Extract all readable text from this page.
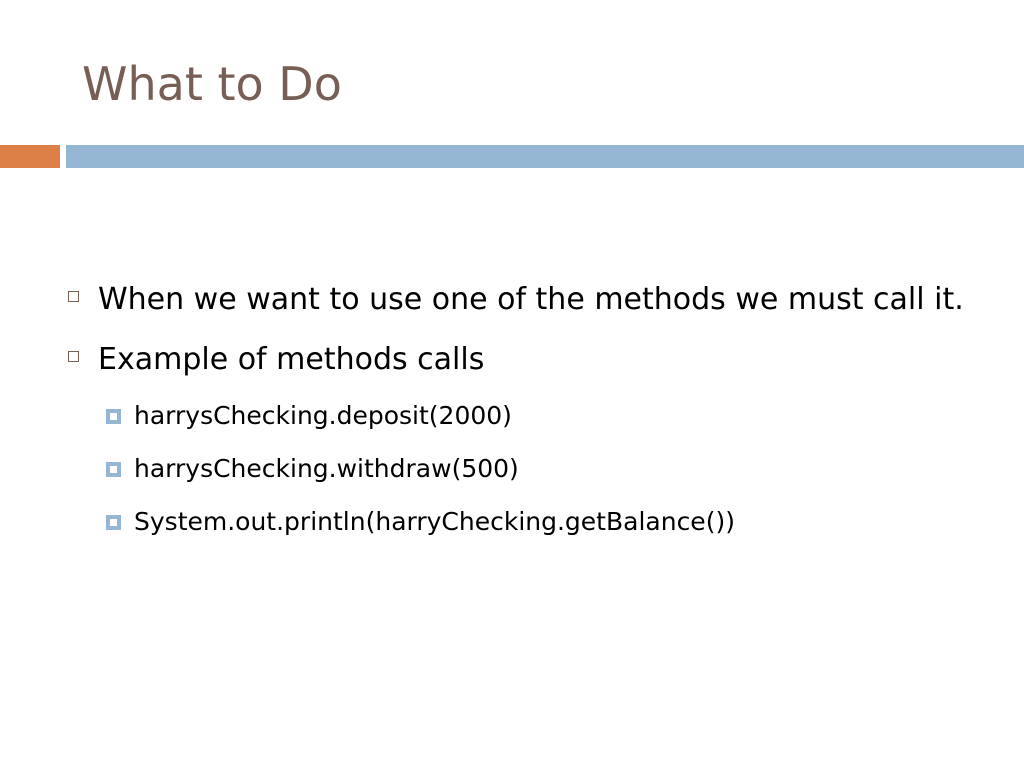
What to Do
When we want to use one of the methods we must call it.
Example of methods calls
harrysChecking.deposit(2000)
harrysChecking.withdraw(500)
System.out.println(harryChecking.getBalance())
